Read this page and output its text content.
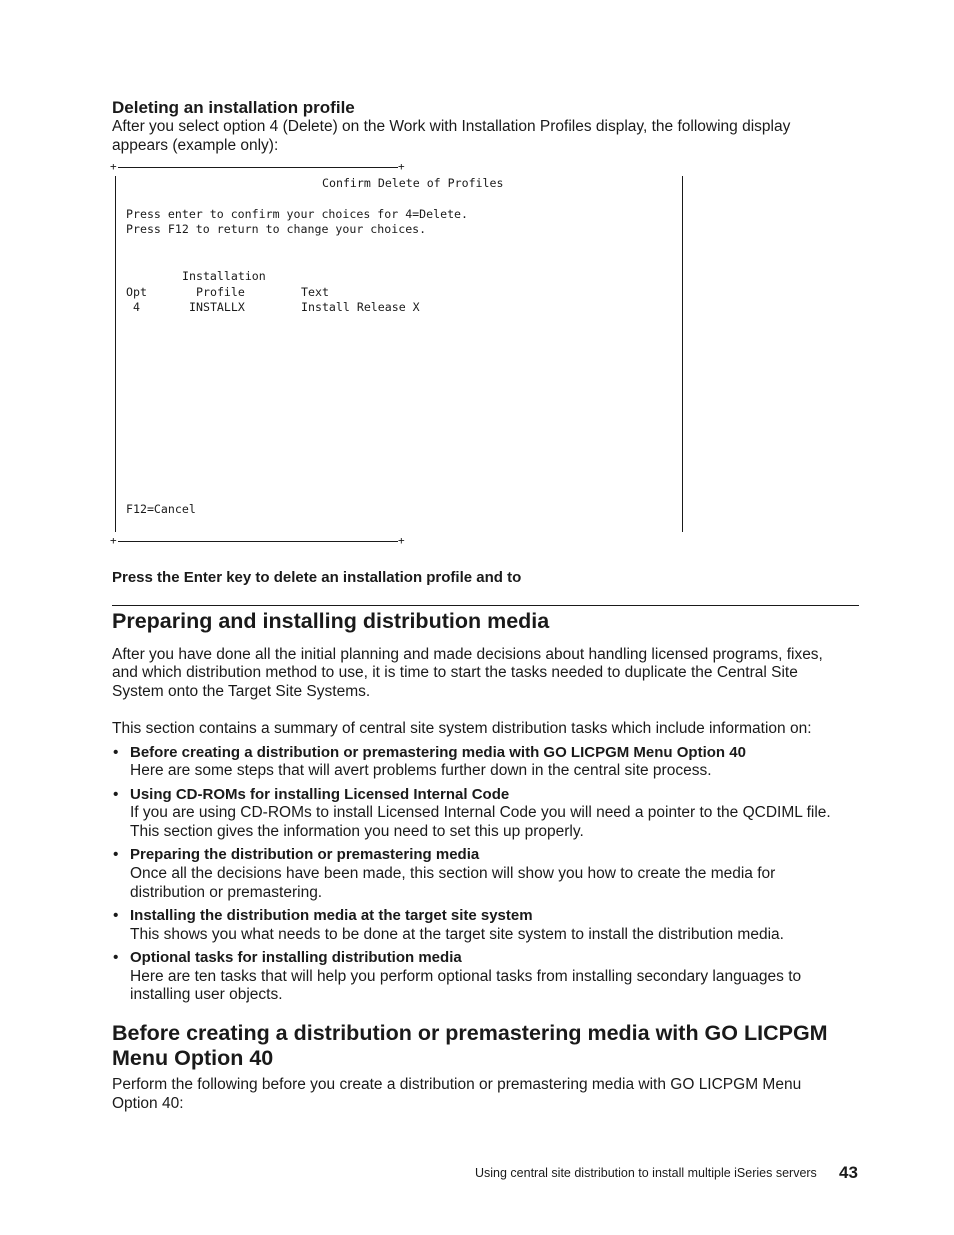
Deleting an installation profile
After you select option 4 (Delete) on the Work with Installation Profiles display, the following display
appears (example only):
+	+
+	+
Confirm Delete of Profiles
Press enter to confirm your choices for 4=Delete.
Press F12 to return to change your choices.
Installation
Opt	Profile	Text
4	INSTALLX	Install Release X
F12=Cancel
Press the Enter key to delete an installation profile and to
Preparing and installing distribution media
After you have done all the initial planning and made decisions about handling licensed programs, fixes,
and which distribution method to use, it is time to start the tasks needed to duplicate the Central Site
System onto the Target Site Systems.
This section contains a summary of central site system distribution tasks which include information on:
• Before creating a distribution or premastering media with GO LICPGM Menu Option 40
Here are some steps that will avert problems further down in the central site process.
• Using CD-ROMs for installing Licensed Internal Code
If you are using CD-ROMs to install Licensed Internal Code you will need a pointer to the QCDIML file.
This section gives the information you need to set this up properly.
• Preparing the distribution or premastering media
Once all the decisions have been made, this section will show you how to create the media for
distribution or premastering.
• Installing the distribution media at the target site system
This shows you what needs to be done at the target site system to install the distribution media.
• Optional tasks for installing distribution media
Here are ten tasks that will help you perform optional tasks from installing secondary languages to
installing user objects.
Before creating a distribution or premastering media with GO LICPGM
Menu Option 40
Perform the following before you create a distribution or premastering media with GO LICPGM Menu
Option 40:
Using central site distribution to install multiple iSeries servers 43
